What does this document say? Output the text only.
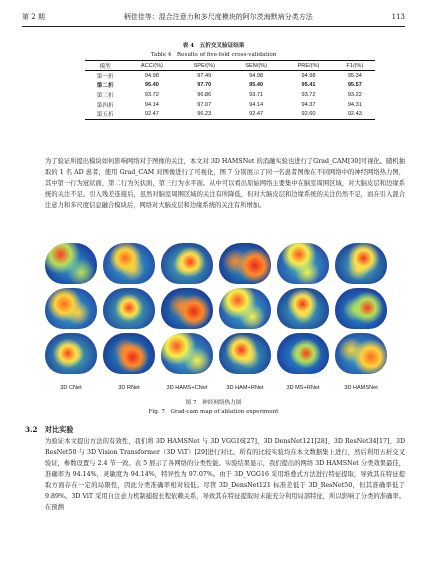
第 2 期	柄佳佳等：混合注意力和多尺度模块的阿尔茨海默病分类方法	113
表 4　五折交叉验证结果
Table 4　Results of five-fold cross-validation
模型	ACC/(%)	SPE/(%)	SEN/(%)	PRE/(%)	F1/(%)
第一折	94.98	97.49	94.98	94.98	95.34
第二折	95.40	97.70	95.40	95.41	95.57
第三折	93.72	96.86	93.71	93.72	93.22
第四折	94.14	97.07	94.14	94.37	94.31
第五折	92.47	96.23	92.47	92.60	92.43

为了验证所提出模块如何影响网络对于图像的关注，本文对 3D HAMSNet 的消融实验也进行了Grad_CAM[30]可视化。随机抽取的 1 名 AD 患者，使用 Grad_CAM 对图像进行了可视化，图 7 分别展示了同一名患者图像在不同网络中的神经网络热力图，其中第一行为冠状面，第二行为矢状面，第三行为水平面。从中可以看出原始网络主要集中在脑室周围区域，对大脑皮层和边缘系统的关注不足。引入残差连接后，虽然对脑室周围区域的关注有所降低，但对大脑皮层和边缘系统的关注仍然不足，而在引入混合注意力和多尺度信息融合模块后，网络对大脑皮层和边缘系统的关注有所增加。

3D CNet	3D RNet	3D HAMS+CNet	3D HAM+RNet	3D MS+RNet	3D HAMSNet
图 7　神经网络热力图
Fig. 7　Grad-cam map of ablation experiment
3.2　对比实验

为验证本文提出方法的有效性，我们将 3D HAMSNet 与 3D VGG16[27]、3D DensNet121[28]、3D ResNet34[17]、3D ResNet50 与 3D Vision Transformer（3D ViT）[29]进行对比。所有的比较实验均在本文数据集上进行，然后利用五折交叉验证，参数设置与 2.4 节一致。表 5 展示了各网络的分类性能。实验结果显示，我们提出的网络 3D HAMSNet 分类效果最佳，准确率为 94.14%，灵敏度为 94.14%，特异性为 97.07%。由于 3D_VGG16 采用堆叠式方法进行特征提取，导致其在特征提取方面存在一定的局限性，因此分类准确率相对较低。尽管 3D_DensNet121 标准差低于 3D_ResNet50，但其准确率低了 9.89%。3D ViT 采用自注意力机制捕捉长程依赖关系，导致其在特征提取时未能充分利用局部特征，所以影响了分类的准确率。在预测
